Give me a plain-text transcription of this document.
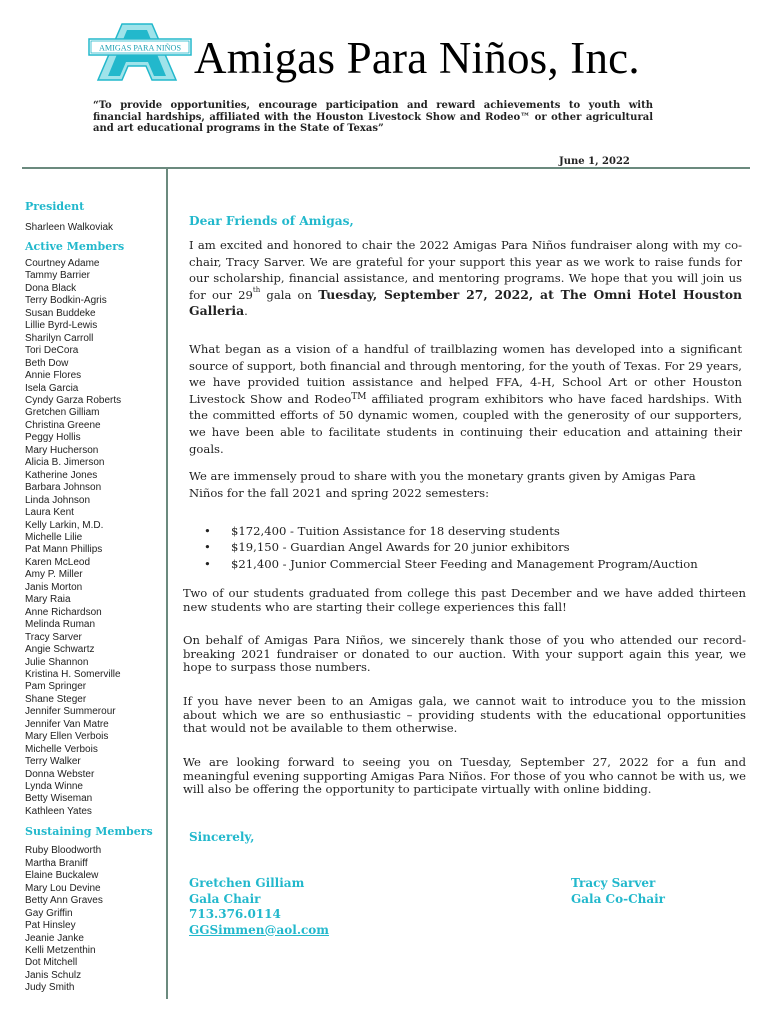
AMIGAS PARA NIÑOS Amigas Para Niños, Inc.
“To provide opportunities, encourage participation and reward achievements to youth with financial hardships, affiliated with the Houston Livestock Show and Rodeo™ or other agricultural and art educational programs in the State of Texas”
June 1, 2022
President
Sharleen Walkoviak
Active Members
Courtney Adame
Tammy Barrier
Dona Black
Terry Bodkin-Agris
Susan Buddeke
Lillie Byrd-Lewis
Sharilyn Carroll
Tori DeCora
Beth Dow
Annie Flores
Isela Garcia
Cyndy Garza Roberts
Gretchen Gilliam
Christina Greene
Peggy Hollis
Mary Hucherson
Alicia B. Jimerson
Katherine Jones
Barbara Johnson
Linda Johnson
Laura Kent
Kelly Larkin, M.D.
Michelle Lilie
Pat Mann Phillips
Karen McLeod
Amy P. Miller
Janis Morton
Mary Raia
Anne Richardson
Melinda Ruman
Tracy Sarver
Angie Schwartz
Julie Shannon
Kristina H. Somerville
Pam Springer
Shane Steger
Jennifer Summerour
Jennifer Van Matre
Mary Ellen Verbois
Michelle Verbois
Terry Walker
Donna Webster
Lynda Winne
Betty Wiseman
Kathleen Yates
Sustaining Members
Ruby Bloodworth
Martha Braniff
Elaine Buckalew
Mary Lou Devine
Betty Ann Graves
Gay Griffin
Pat Hinsley
Jeanie Janke
Kelli Metzenthin
Dot Mitchell
Janis Schulz
Judy Smith
Dear Friends of Amigas,
I am excited and honored to chair the 2022 Amigas Para Niños fundraiser along with my co-chair, Tracy Sarver. We are grateful for your support this year as we work to raise funds for our scholarship, financial assistance, and mentoring programs. We hope that you will join us for our 29th gala on Tuesday, September 27, 2022, at The Omni Hotel Houston Galleria.
What began as a vision of a handful of trailblazing women has developed into a significant source of support, both financial and through mentoring, for the youth of Texas. For 29 years, we have provided tuition assistance and helped FFA, 4-H, School Art or other Houston Livestock Show and Rodeo™ affiliated program exhibitors who have faced hardships. With the committed efforts of 50 dynamic women, coupled with the generosity of our supporters, we have been able to facilitate students in continuing their education and attaining their goals.
We are immensely proud to share with you the monetary grants given by Amigas Para Niños for the fall 2021 and spring 2022 semesters:
• $172,400 - Tuition Assistance for 18 deserving students
• $19,150 - Guardian Angel Awards for 20 junior exhibitors
• $21,400 - Junior Commercial Steer Feeding and Management Program/Auction
Two of our students graduated from college this past December and we have added thirteen new students who are starting their college experiences this fall!
On behalf of Amigas Para Niños, we sincerely thank those of you who attended our record-breaking 2021 fundraiser or donated to our auction. With your support again this year, we hope to surpass those numbers.
If you have never been to an Amigas gala, we cannot wait to introduce you to the mission about which we are so enthusiastic – providing students with the educational opportunities that would not be available to them otherwise.
We are looking forward to seeing you on Tuesday, September 27, 2022 for a fun and meaningful evening supporting Amigas Para Niños. For those of you who cannot be with us, we will also be offering the opportunity to participate virtually with online bidding.
Sincerely,
Gretchen Gilliam
Gala Chair
713.376.0114
GGSimmen@aol.com
Tracy Sarver
Gala Co-Chair
